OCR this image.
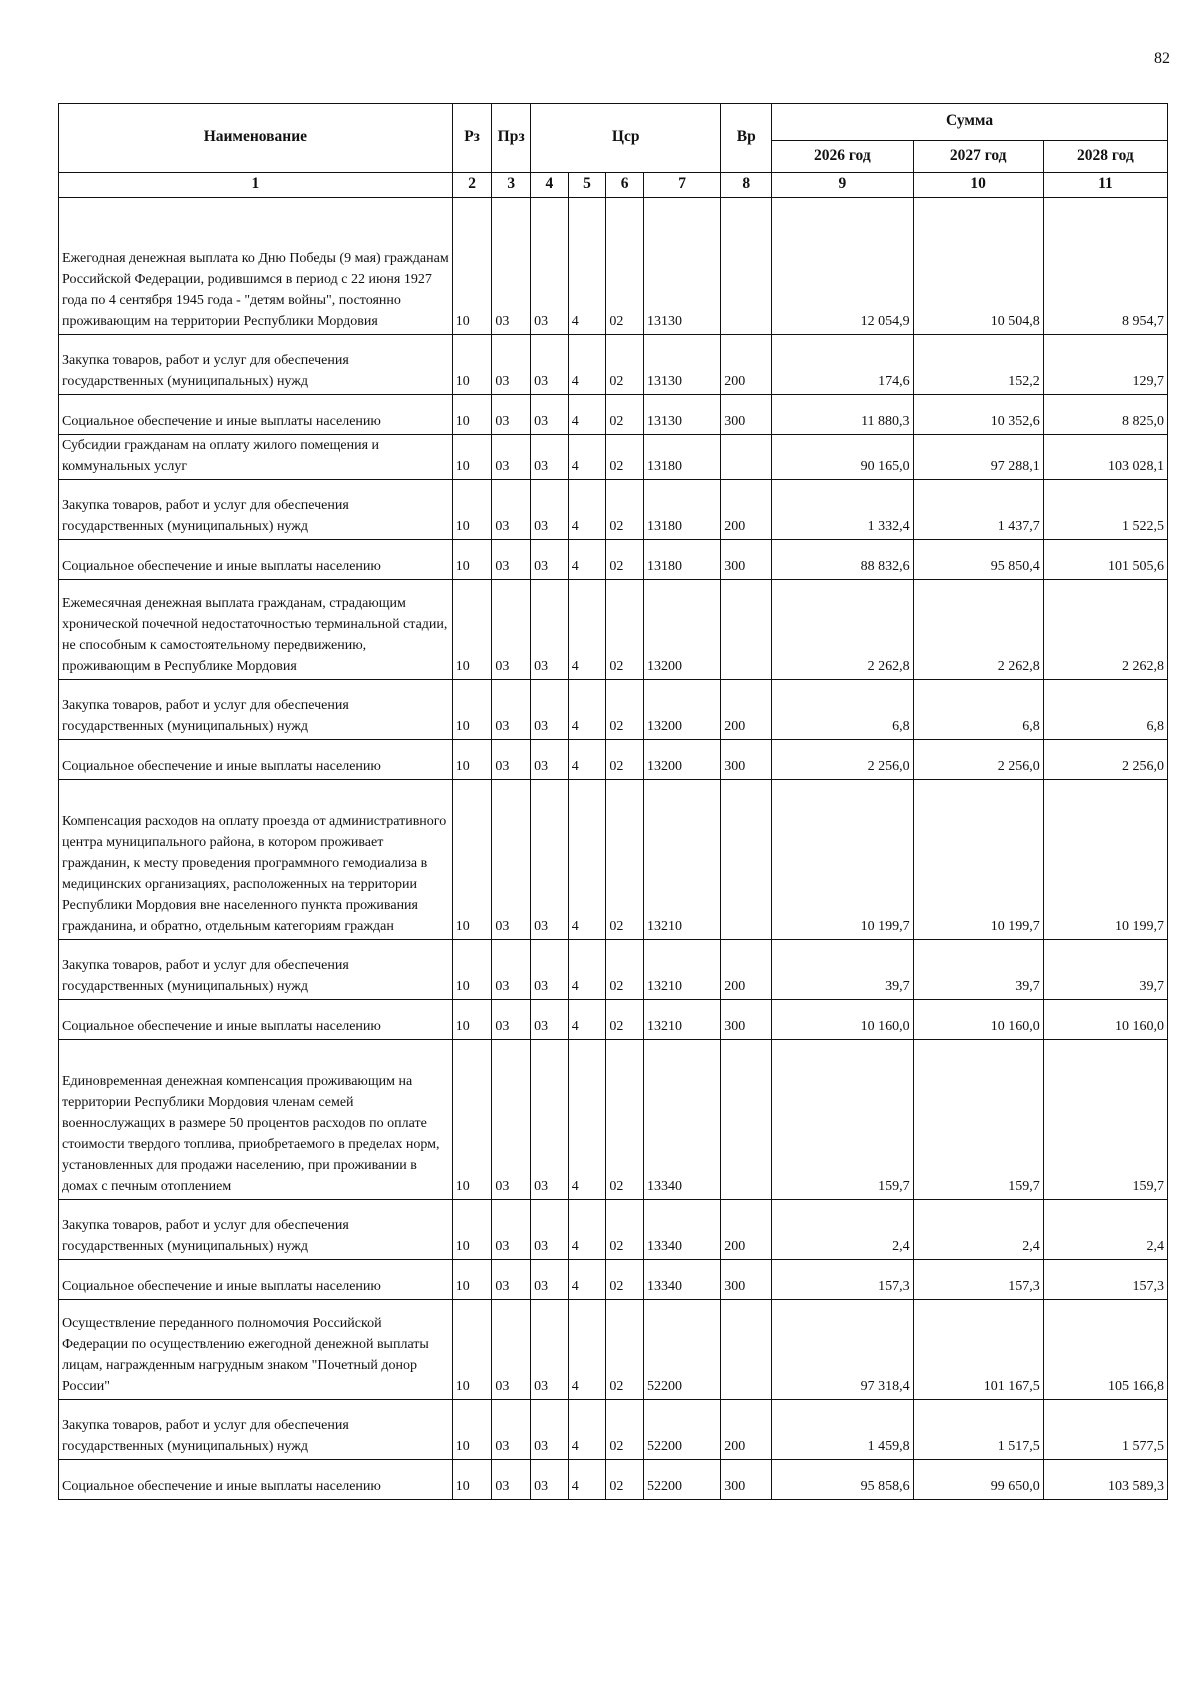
82
Наименование	Рз	Прз	Цср				Вр	Сумма		
								2026 год	2027 год	2028 год
1	2	3	4	5	6	7	8	9	10	11
Ежегодная денежная выплата ко Дню Победы (9 мая) гражданам Российской Федерации, родившимся в период с 22 июня 1927 года по 4 сентября 1945 года - "детям войны", постоянно проживающим на территории Республики Мордовия	10	03	03	4	02	13130		12 054,9	10 504,8	8 954,7
Закупка товаров, работ и услуг для обеспечения государственных (муниципальных) нужд	10	03	03	4	02	13130	200	174,6	152,2	129,7
Социальное обеспечение и иные выплаты населению	10	03	03	4	02	13130	300	11 880,3	10 352,6	8 825,0
Субсидии гражданам на оплату жилого помещения и коммунальных услуг	10	03	03	4	02	13180		90 165,0	97 288,1	103 028,1
Закупка товаров, работ и услуг для обеспечения государственных (муниципальных) нужд	10	03	03	4	02	13180	200	1 332,4	1 437,7	1 522,5
Социальное обеспечение и иные выплаты населению	10	03	03	4	02	13180	300	88 832,6	95 850,4	101 505,6
Ежемесячная денежная выплата гражданам, страдающим хронической почечной недостаточностью терминальной стадии, не способным к самостоятельному передвижению, проживающим в Республике Мордовия	10	03	03	4	02	13200		2 262,8	2 262,8	2 262,8
Закупка товаров, работ и услуг для обеспечения государственных (муниципальных) нужд	10	03	03	4	02	13200	200	6,8	6,8	6,8
Социальное обеспечение и иные выплаты населению	10	03	03	4	02	13200	300	2 256,0	2 256,0	2 256,0
Компенсация расходов на оплату проезда от административного центра муниципального района, в котором проживает гражданин, к месту проведения программного гемодиализа в медицинских организациях, расположенных на территории Республики Мордовия вне населенного пункта проживания гражданина, и обратно, отдельным категориям граждан	10	03	03	4	02	13210		10 199,7	10 199,7	10 199,7
Закупка товаров, работ и услуг для обеспечения государственных (муниципальных) нужд	10	03	03	4	02	13210	200	39,7	39,7	39,7
Социальное обеспечение и иные выплаты населению	10	03	03	4	02	13210	300	10 160,0	10 160,0	10 160,0
Единовременная денежная компенсация проживающим на территории Республики Мордовия членам семей военнослужащих в размере 50 процентов расходов по оплате стоимости твердого топлива, приобретаемого в пределах норм, установленных для продажи населению, при проживании в домах с печным отоплением	10	03	03	4	02	13340		159,7	159,7	159,7
Закупка товаров, работ и услуг для обеспечения государственных (муниципальных) нужд	10	03	03	4	02	13340	200	2,4	2,4	2,4
Социальное обеспечение и иные выплаты населению	10	03	03	4	02	13340	300	157,3	157,3	157,3
Осуществление переданного полномочия Российской Федерации по осуществлению ежегодной денежной выплаты лицам, награжденным нагрудным знаком "Почетный донор России"	10	03	03	4	02	52200		97 318,4	101 167,5	105 166,8
Закупка товаров, работ и услуг для обеспечения государственных (муниципальных) нужд	10	03	03	4	02	52200	200	1 459,8	1 517,5	1 577,5
Социальное обеспечение и иные выплаты населению	10	03	03	4	02	52200	300	95 858,6	99 650,0	103 589,3
